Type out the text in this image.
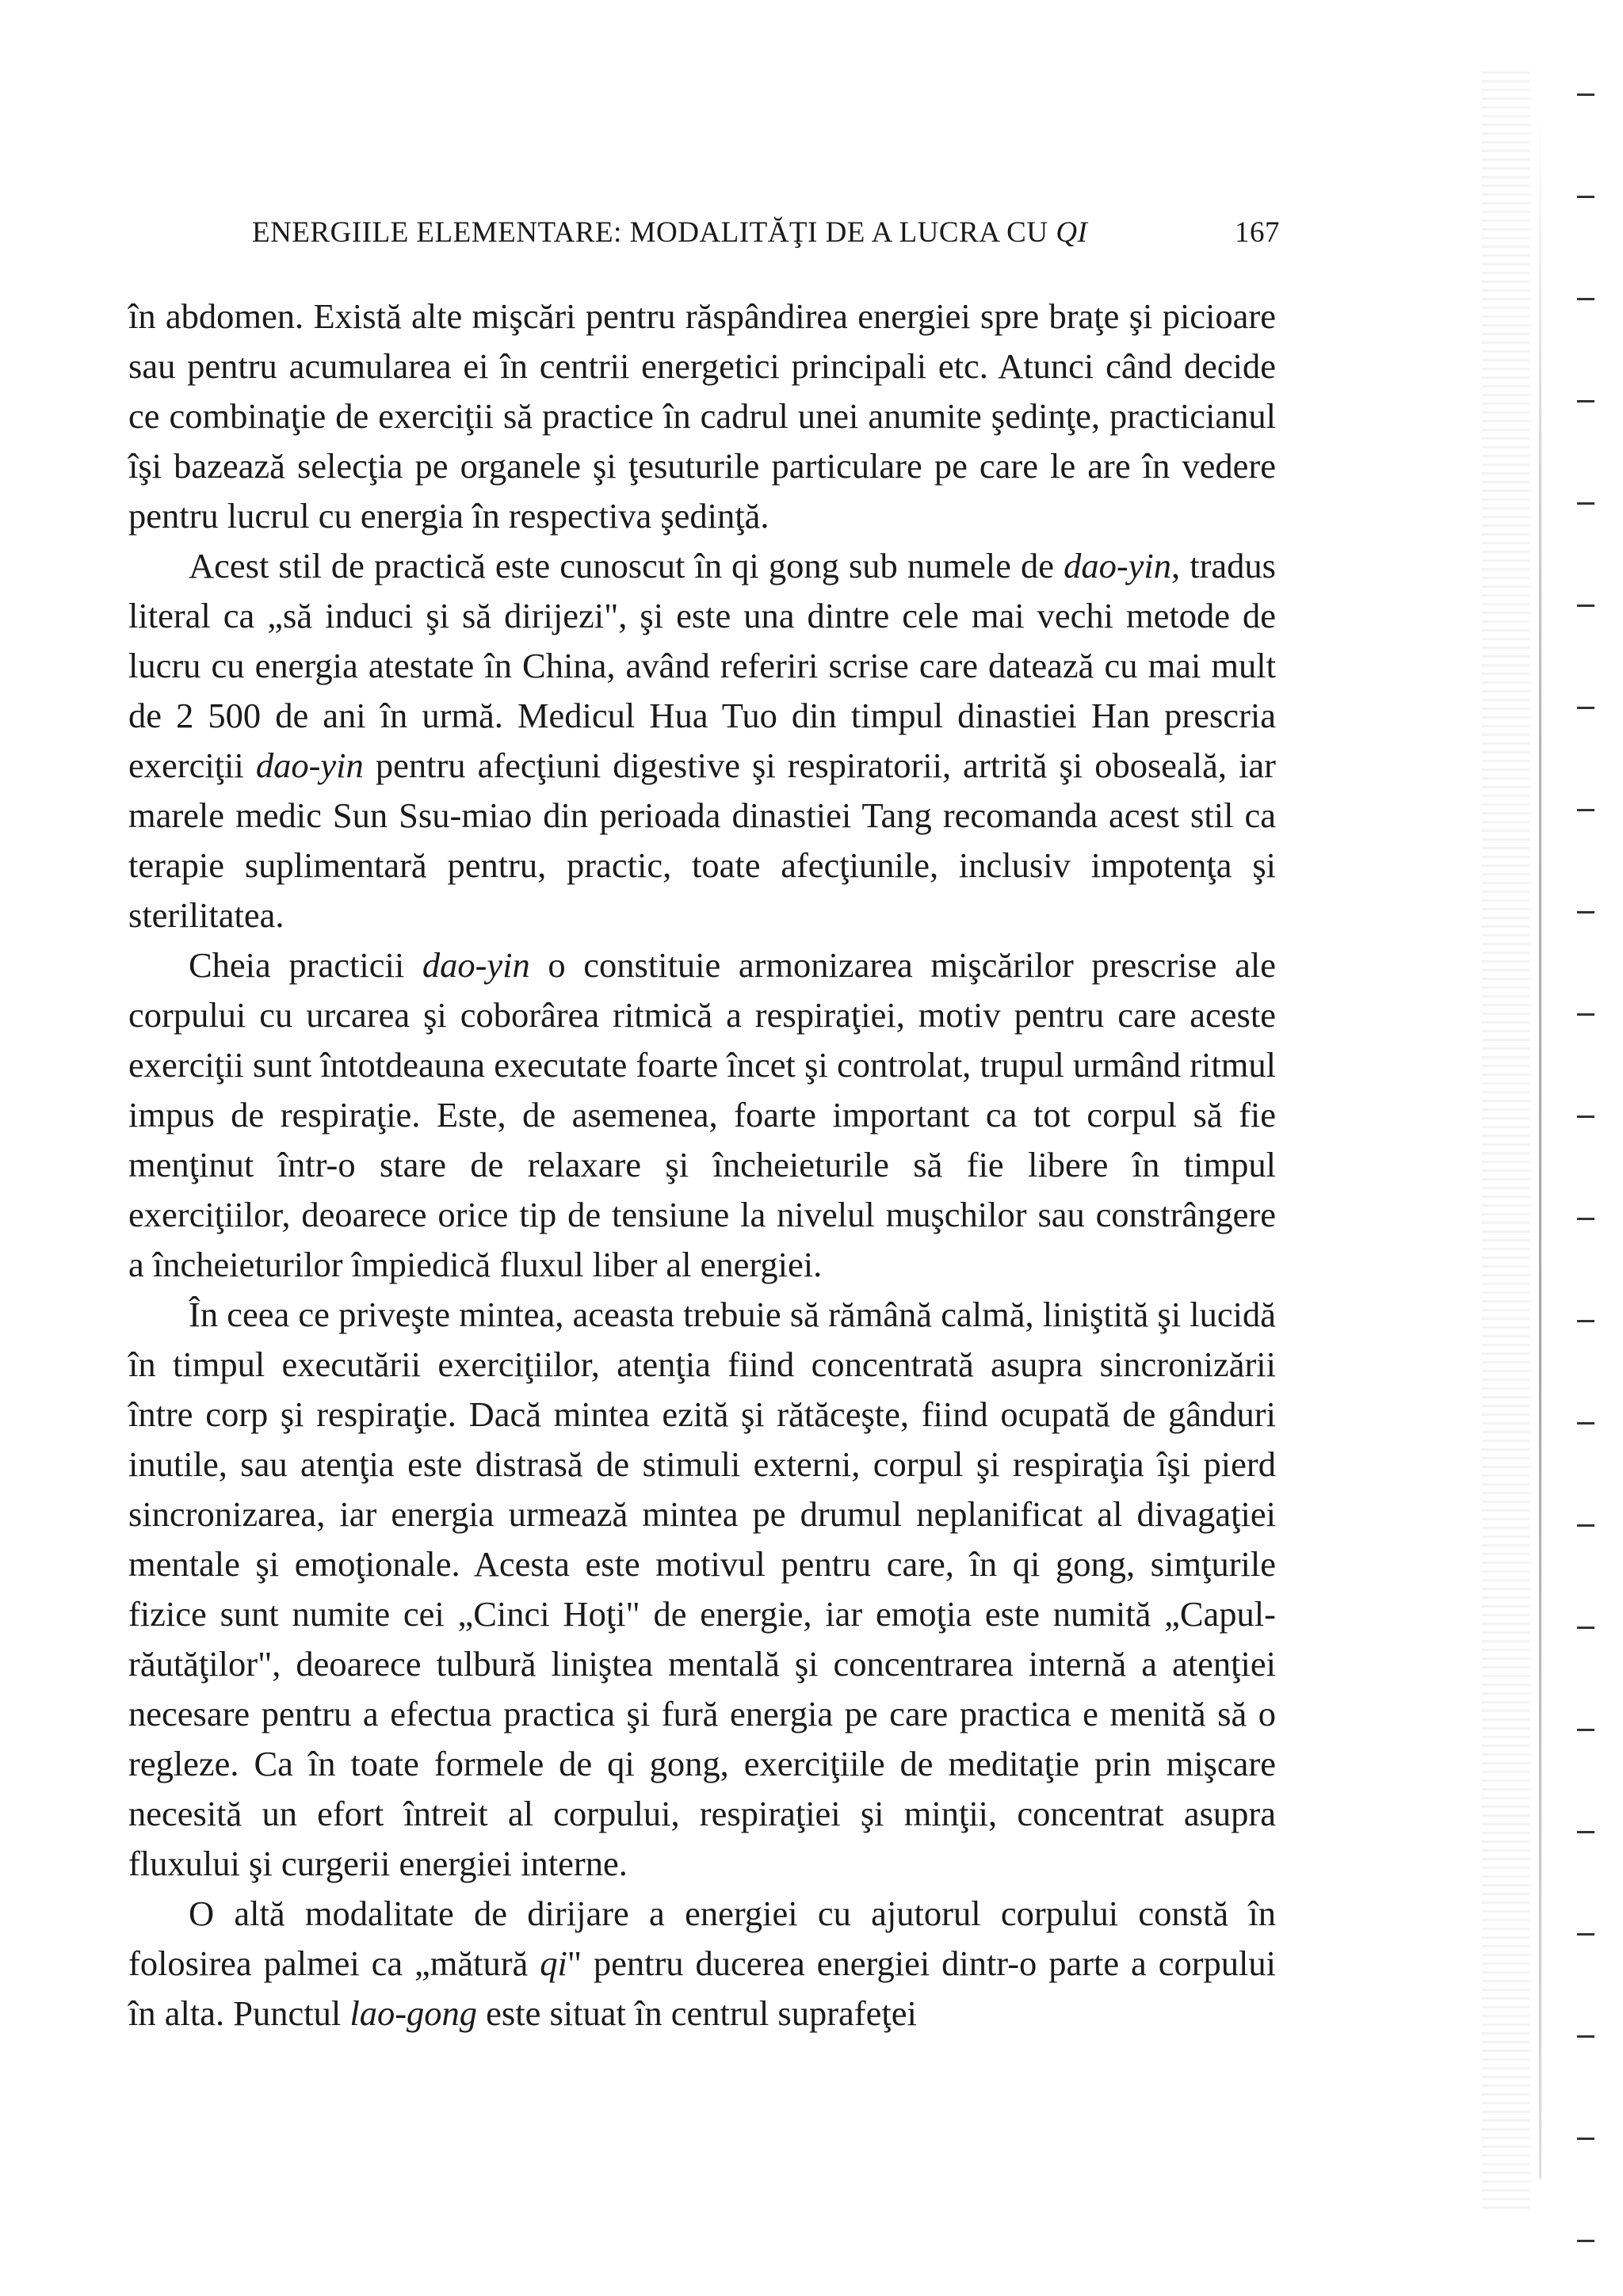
ENERGIILE ELEMENTARE: MODALITĂŢI DE A LUCRA CU QI	167

în abdomen. Există alte mişcări pentru răspândirea energiei spre braţe şi picioare sau pentru acumularea ei în centrii energetici principali etc. Atunci când decide ce combinaţie de exerciţii să practice în cadrul unei anumite şedinţe, practicianul îşi bazează selecţia pe organele şi ţesuturile particulare pe care le are în vedere pentru lucrul cu energia în respectiva şedinţă.

Acest stil de practică este cunoscut în qi gong sub numele de dao-yin, tradus literal ca „să induci şi să dirijezi", şi este una dintre cele mai vechi metode de lucru cu energia atestate în China, având referiri scrise care datează cu mai mult de 2 500 de ani în urmă. Medicul Hua Tuo din timpul dinastiei Han prescria exerciţii dao-yin pentru afecţiuni digestive şi respiratorii, artrită şi oboseală, iar marele medic Sun Ssu-miao din perioada dinastiei Tang recomanda acest stil ca terapie suplimentară pentru, practic, toate afecţiunile, inclusiv impotenţa şi sterilitatea.

Cheia practicii dao-yin o constituie armonizarea mişcărilor prescrise ale corpului cu urcarea şi coborârea ritmică a respiraţiei, motiv pentru care aceste exerciţii sunt întotdeauna executate foarte încet şi controlat, trupul urmând ritmul impus de respiraţie. Este, de asemenea, foarte important ca tot corpul să fie menţinut într-o stare de relaxare şi încheieturile să fie libere în timpul exerciţiilor, deoarece orice tip de tensiune la nivelul muşchilor sau constrângere a încheieturilor împiedică fluxul liber al energiei.

În ceea ce priveşte mintea, aceasta trebuie să rămână calmă, liniştită şi lucidă în timpul executării exerciţiilor, atenţia fiind concentrată asupra sincronizării între corp şi respiraţie. Dacă mintea ezită şi rătăceşte, fiind ocupată de gânduri inutile, sau atenţia este distrasă de stimuli externi, corpul şi respiraţia îşi pierd sincronizarea, iar energia urmează mintea pe drumul neplanificat al divagaţiei mentale şi emoţionale. Acesta este motivul pentru care, în qi gong, simţurile fizice sunt numite cei „Cinci Hoţi" de energie, iar emoţia este numită „Capul-răutăţilor", deoarece tulbură liniştea mentală şi concentrarea internă a atenţiei necesare pentru a efectua practica şi fură energia pe care practica e menită să o regleze. Ca în toate formele de qi gong, exerciţiile de meditaţie prin mişcare necesită un efort întreit al corpului, respiraţiei şi minţii, concentrat asupra fluxului şi curgerii energiei interne.

O altă modalitate de dirijare a energiei cu ajutorul corpului constă în folosirea palmei ca „mătură qi" pentru ducerea energiei dintr-o parte a corpului în alta. Punctul lao-gong este situat în centrul suprafeţei
